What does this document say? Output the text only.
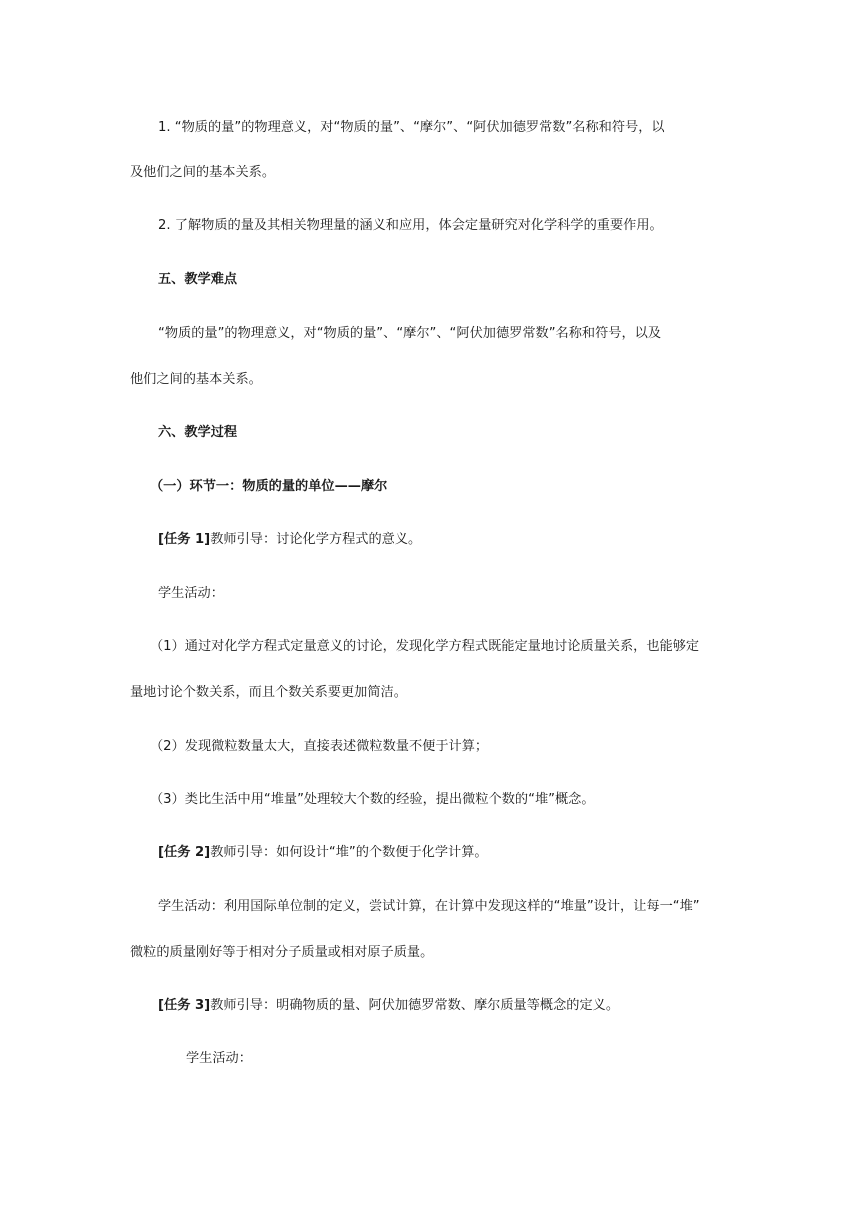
1. “物质的量”的物理意义，对“物质的量”、“摩尔”、“阿伏加德罗常数”名称和符号，以
及他们之间的基本关系。
2. 了解物质的量及其相关物理量的涵义和应用，体会定量研究对化学科学的重要作用。
五、教学难点
“物质的量”的物理意义，对“物质的量”、“摩尔”、“阿伏加德罗常数”名称和符号，以及
他们之间的基本关系。
六、教学过程
（一）环节一：物质的量的单位——摩尔
[任务 1]教师引导：讨论化学方程式的意义。
学生活动：
（1）通过对化学方程式定量意义的讨论，发现化学方程式既能定量地讨论质量关系，也能够定
量地讨论个数关系，而且个数关系要更加简洁。
（2）发现微粒数量太大，直接表述微粒数量不便于计算；
（3）类比生活中用“堆量”处理较大个数的经验，提出微粒个数的“堆”概念。
[任务 2]教师引导：如何设计“堆”的个数便于化学计算。
学生活动：利用国际单位制的定义，尝试计算，在计算中发现这样的“堆量”设计，让每一“堆”
微粒的质量刚好等于相对分子质量或相对原子质量。
[任务 3]教师引导：明确物质的量、阿伏加德罗常数、摩尔质量等概念的定义。
学生活动：
